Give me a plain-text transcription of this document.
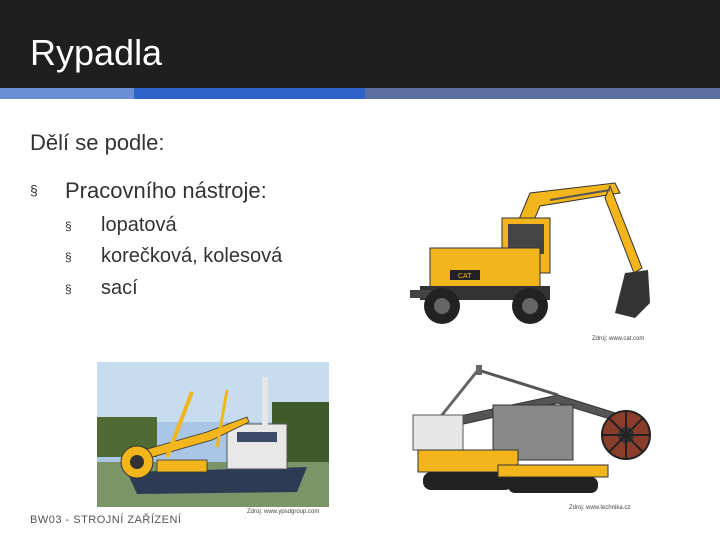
Rypadla
Dělí se podle:
§ Pracovního nástroje:
§ lopatová
§ korečková, kolesová
§ sací
CAT
Zdroj: www.cat.com
Zdroj: www.ypsdgroup.com
Zdroj: www.technika.cz
BW03 - STROJNÍ ZAŘÍZENÍ
